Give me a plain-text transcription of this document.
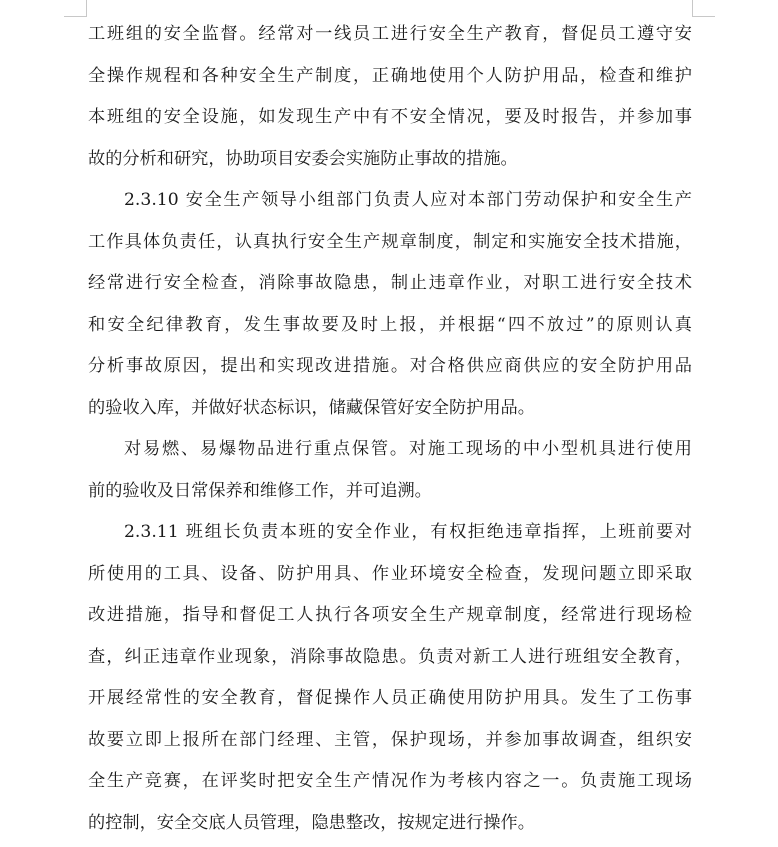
工班组的安全监督。经常对一线员工进行安全生产教育，督促员工遵守安
全操作规程和各种安全生产制度，正确地使用个人防护用品，检查和维护
本班组的安全设施，如发现生产中有不安全情况，要及时报告，并参加事
故的分析和研究，协助项目安委会实施防止事故的措施。
2.3.10 安全生产领导小组部门负责人应对本部门劳动保护和安全生产
工作具体负责任，认真执行安全生产规章制度，制定和实施安全技术措施，
经常进行安全检查，消除事故隐患，制止违章作业，对职工进行安全技术
和安全纪律教育，发生事故要及时上报，并根据“四不放过”的原则认真
分析事故原因，提出和实现改进措施。对合格供应商供应的安全防护用品
的验收入库，并做好状态标识，储藏保管好安全防护用品。
对易燃、易爆物品进行重点保管。对施工现场的中小型机具进行使用
前的验收及日常保养和维修工作，并可追溯。
2.3.11 班组长负责本班的安全作业，有权拒绝违章指挥，上班前要对
所使用的工具、设备、防护用具、作业环境安全检查，发现问题立即采取
改进措施，指导和督促工人执行各项安全生产规章制度，经常进行现场检
查，纠正违章作业现象，消除事故隐患。负责对新工人进行班组安全教育，
开展经常性的安全教育，督促操作人员正确使用防护用具。发生了工伤事
故要立即上报所在部门经理、主管，保护现场，并参加事故调查，组织安
全生产竞赛，在评奖时把安全生产情况作为考核内容之一。负责施工现场
的控制，安全交底人员管理，隐患整改，按规定进行操作。
